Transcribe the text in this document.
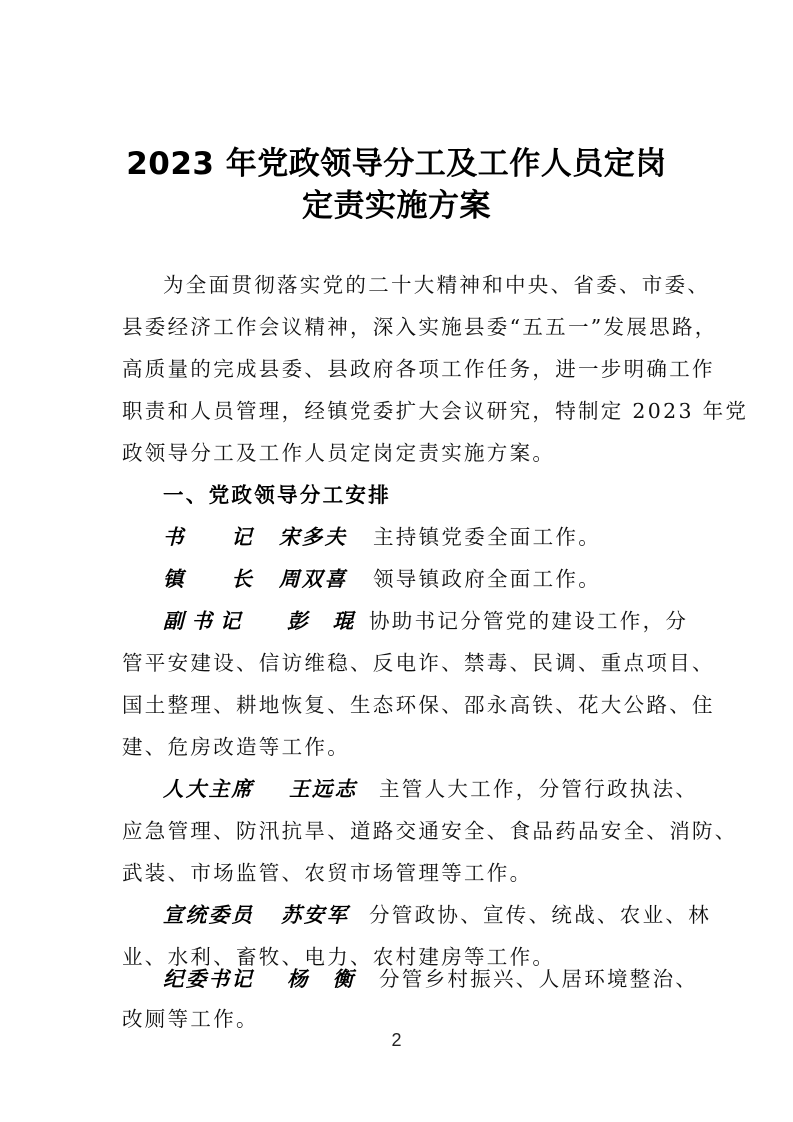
2023 年党政领导分工及工作人员定岗
定责实施方案
为全面贯彻落实党的二十大精神和中央、省委、市委、
县委经济工作会议精神，深入实施县委“五五一”发展思路，
高质量的完成县委、县政府各项工作任务，进一步明确工作
职责和人员管理，经镇党委扩大会议研究，特制定 2023 年党
政领导分工及工作人员定岗定责实施方案。
一、党政领导分工安排
书　　记 宋多夫 主持镇党委全面工作。
镇　　长 周双喜 领导镇政府全面工作。
副书记 彭　琨 协助书记分管党的建设工作，分
管平安建设、信访维稳、反电诈、禁毒、民调、重点项目、
国土整理、耕地恢复、生态环保、邵永高铁、花大公路、住
建、危房改造等工作。
人大主席 王远志 主管人大工作，分管行政执法、
应急管理、防汛抗旱、道路交通安全、食品药品安全、消防、
武装、市场监管、农贸市场管理等工作。
宣统委员 苏安军 分管政协、宣传、统战、农业、林
业、水利、畜牧、电力、农村建房等工作。
纪委书记 杨　衡 分管乡村振兴、人居环境整治、
2
改厕等工作。
